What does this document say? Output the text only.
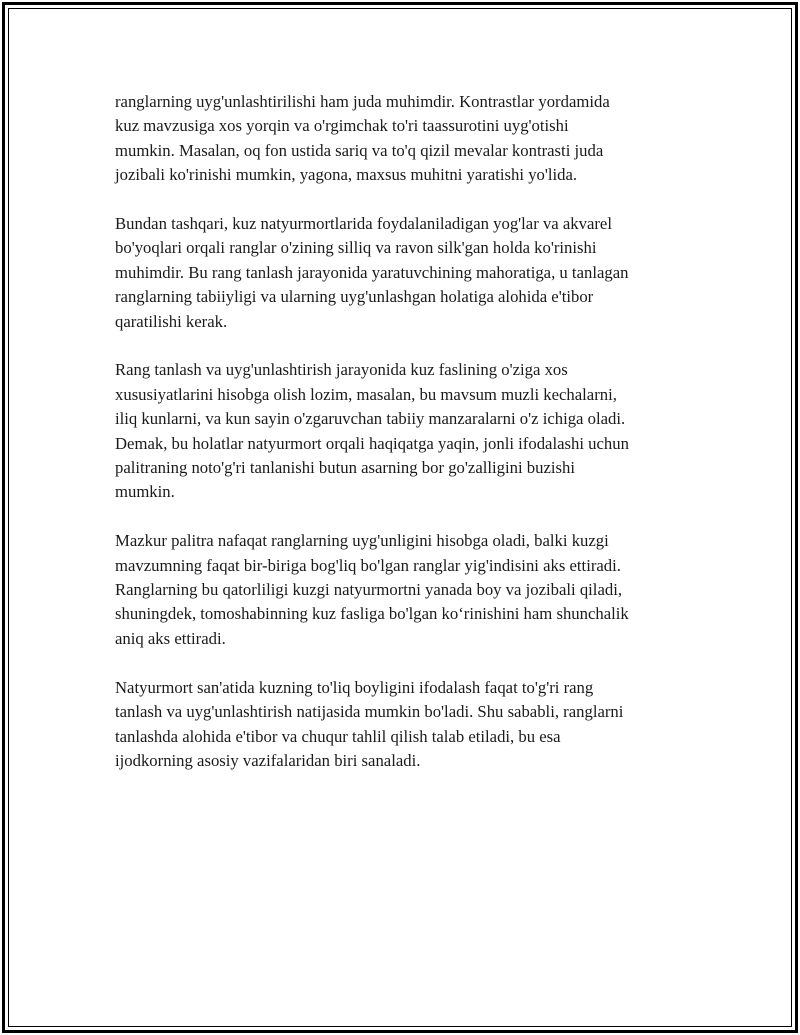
ranglarning uyg'unlashtirilishi ham juda muhimdir. Kontrastlar yordamida
kuz mavzusiga xos yorqin va o'rgimchak to'ri taassurotini uyg'otishi
mumkin. Masalan, oq fon ustida sariq va to'q qizil mevalar kontrasti juda
jozibali ko'rinishi mumkin, yagona, maxsus muhitni yaratishi yo'lida.

Bundan tashqari, kuz natyurmortlarida foydalaniladigan yog'lar va akvarel
bo'yoqlari orqali ranglar o'zining silliq va ravon silk'gan holda ko'rinishi
muhimdir. Bu rang tanlash jarayonida yaratuvchining mahoratiga, u tanlagan
ranglarning tabiiyligi va ularning uyg'unlashgan holatiga alohida e'tibor
qaratilishi kerak.

Rang tanlash va uyg'unlashtirish jarayonida kuz faslining o'ziga xos
xususiyatlarini hisobga olish lozim, masalan, bu mavsum muzli kechalarni,
iliq kunlarni, va kun sayin o'zgaruvchan tabiiy manzaralarni o'z ichiga oladi.
Demak, bu holatlar natyurmort orqali haqiqatga yaqin, jonli ifodalashi uchun
palitraning noto'g'ri tanlanishi butun asarning bor go'zalligini buzishi
mumkin.

Mazkur palitra nafaqat ranglarning uyg'unligini hisobga oladi, balki kuzgi
mavzumning faqat bir-biriga bog'liq bo'lgan ranglar yig'indisini aks ettiradi.
Ranglarning bu qatorliligi kuzgi natyurmortni yanada boy va jozibali qiladi,
shuningdek, tomoshabinning kuz fasliga bo'lgan ko‘rinishini ham shunchalik
aniq aks ettiradi.

Natyurmort san'atida kuzning to'liq boyligini ifodalash faqat to'g'ri rang
tanlash va uyg'unlashtirish natijasida mumkin bo'ladi. Shu sababli, ranglarni
tanlashda alohida e'tibor va chuqur tahlil qilish talab etiladi, bu esa
ijodkorning asosiy vazifalaridan biri sanaladi.
